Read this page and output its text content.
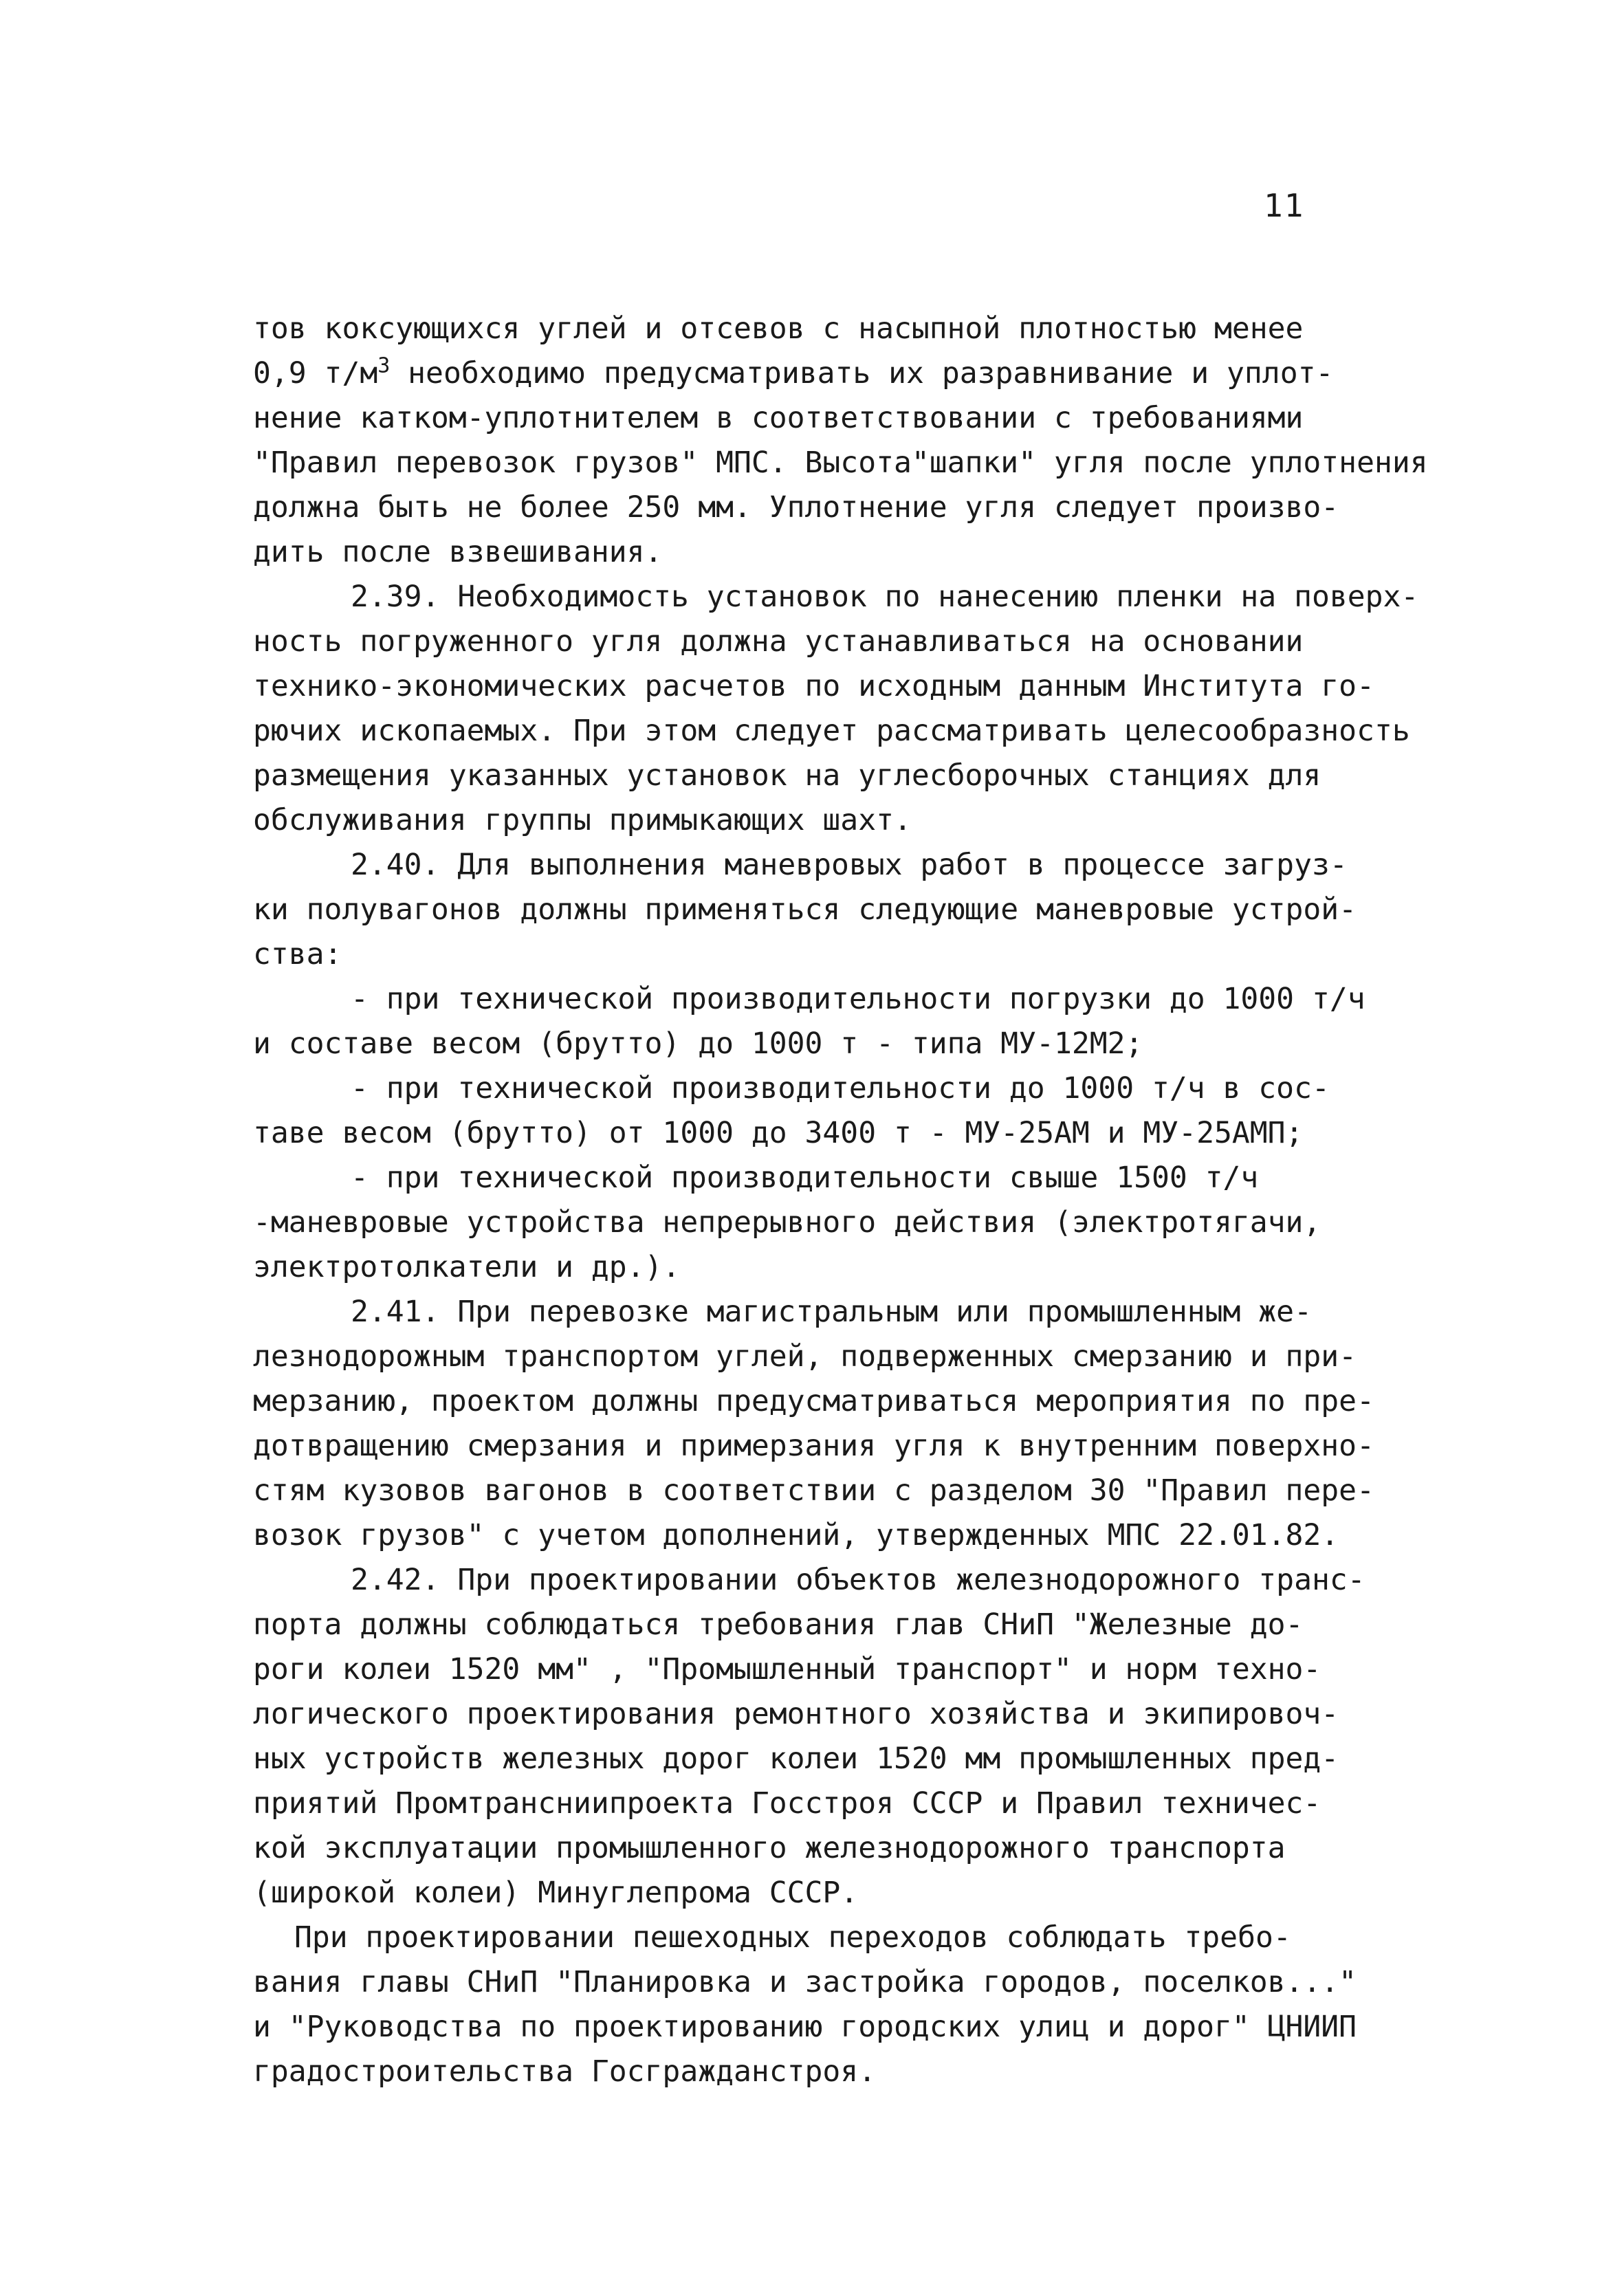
11
тов коксующихся углей и отсевов с насыпной плотностью менее
0,9 $т/м^3$ необходимо предусматривать их разравнивание и уплот-
нение катком-уплотнителем в соответствовании с требованиями
"Правил перевозок грузов" МПС. Высота"шапки" угля после уплотнения
должна быть не более 250 мм. Уплотнение угля следует произво-
дить после взвешивания.
2.39. Необходимость установок по нанесению пленки на поверх-
ность погруженного угля должна устанавливаться на основании
технико-экономических расчетов по исходным данным Института го-
рючих ископаемых. При этом следует рассматривать целесообразность
размещения указанных установок на углесборочных станциях для
обслуживания группы примыкающих шахт.
2.40. Для выполнения маневровых работ в процессе загруз-
ки полувагонов должны применяться следующие маневровые устрой-
ства:
- при технической производительности погрузки до 1000 т/ч
и составе весом (брутто) до 1000 т - типа МУ-12М2;
- при технической производительности до 1000 т/ч в сос-
таве весом (брутто) от 1000 до 3400 т - МУ-25АМ и МУ-25АМП;
- при технической производительности свыше 1500 т/ч
-маневровые устройства непрерывного действия (электротягачи,
электротолкатели и др.).
2.41. При перевозке магистральным или промышленным же-
лезнодорожным транспортом углей, подверженных смерзанию и при-
мерзанию, проектом должны предусматриваться мероприятия по пре-
дотвращению смерзания и примерзания угля к внутренним поверхно-
стям кузовов вагонов в соответствии с разделом 30 "Правил пере-
возок грузов" с учетом дополнений, утвержденных МПС 22.01.82.
2.42. При проектировании объектов железнодорожного транс-
порта должны соблюдаться требования глав СНиП "Железные до-
роги колеи 1520 мм" , "Промышленный транспорт" и норм техно-
логического проектирования ремонтного хозяйства и экипировоч-
ных устройств железных дорог колеи 1520 мм промышленных пред-
приятий Промтрансниипроекта Госстроя СССР и Правил техничес-
кой эксплуатации промышленного железнодорожного транспорта
(широкой колеи) Минуглепрома СССР.
При проектировании пешеходных переходов соблюдать требо-
вания главы СНиП "Планировка и застройка городов, поселков..."
и "Руководства по проектированию городских улиц и дорог" ЦНИИП
градостроительства Госгражданстроя.
